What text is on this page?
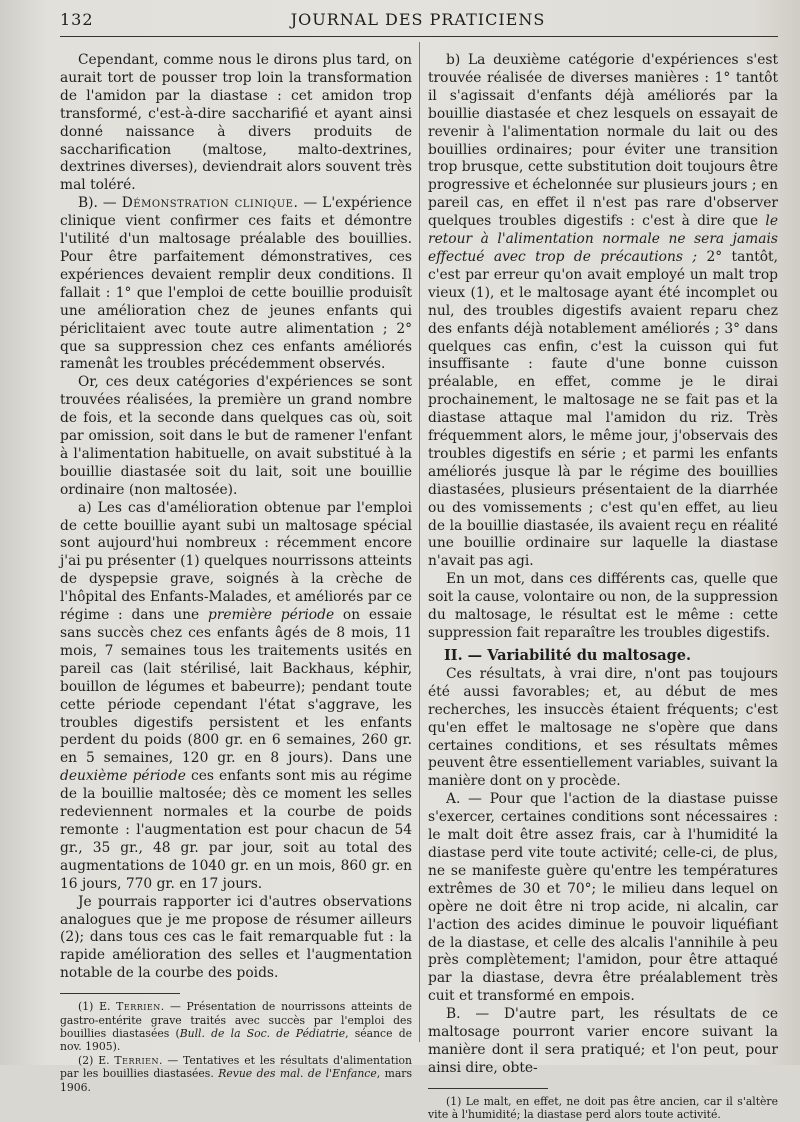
132	JOURNAL DES PRATICIENS

Cependant, comme nous le dirons plus tard, on aurait tort de pousser trop loin la transformation de l'amidon par la diastase : cet amidon trop transformé, c'est-à-dire saccharifié et ayant ainsi donné naissance à divers produits de saccharification (maltose, malto-dextrines, dextrines diverses), deviendrait alors souvent très mal toléré.

B). — Démonstration clinique. — L'expérience clinique vient confirmer ces faits et démontre l'utilité d'un maltosage préalable des bouillies. Pour être parfaitement démonstratives, ces expériences devaient remplir deux conditions. Il fallait : 1° que l'emploi de cette bouillie produisît une amélioration chez de jeunes enfants qui périclitaient avec toute autre alimentation ; 2° que sa suppression chez ces enfants améliorés ramenât les troubles précédemment observés.

Or, ces deux catégories d'expériences se sont trouvées réalisées, la première un grand nombre de fois, et la seconde dans quelques cas où, soit par omission, soit dans le but de ramener l'enfant à l'alimentation habituelle, on avait substitué à la bouillie diastasée soit du lait, soit une bouillie ordinaire (non maltosée).

a) Les cas d'amélioration obtenue par l'emploi de cette bouillie ayant subi un maltosage spécial sont aujourd'hui nombreux : récemment encore j'ai pu présenter (1) quelques nourrissons atteints de dyspepsie grave, soignés à la crèche de l'hôpital des Enfants-Malades, et améliorés par ce régime : dans une première période on essaie sans succès chez ces enfants âgés de 8 mois, 11 mois, 7 semaines tous les traitements usités en pareil cas (lait stérilisé, lait Backhaus, képhir, bouillon de légumes et babeurre); pendant toute cette période cependant l'état s'aggrave, les troubles digestifs persistent et les enfants perdent du poids (800 gr. en 6 semaines, 260 gr. en 5 semaines, 120 gr. en 8 jours). Dans une deuxième période ces enfants sont mis au régime de la bouillie maltosée; dès ce moment les selles redeviennent normales et la courbe de poids remonte : l'augmentation est pour chacun de 54 gr., 35 gr., 48 gr. par jour, soit au total des augmentations de 1040 gr. en un mois, 860 gr. en 16 jours, 770 gr. en 17 jours.

Je pourrais rapporter ici d'autres observations analogues que je me propose de résumer ailleurs (2); dans tous ces cas le fait remarquable fut : la rapide amélioration des selles et l'augmentation notable de la courbe des poids.

(1) E. Terrien. — Présentation de nourrissons atteints de gastro-entérite grave traités avec succès par l'emploi des bouillies diastasées (Bull. de la Soc. de Pédiatrie, séance de nov. 1905).

(2) E. Terrien. — Tentatives et les résultats d'alimentation par les bouillies diastasées. Revue des mal. de l'Enfance, mars 1906.

b) La deuxième catégorie d'expériences s'est trouvée réalisée de diverses manières : 1° tantôt il s'agissait d'enfants déjà améliorés par la bouillie diastasée et chez lesquels on essayait de revenir à l'alimentation normale du lait ou des bouillies ordinaires; pour éviter une transition trop brusque, cette substitution doit toujours être progressive et échelonnée sur plusieurs jours ; en pareil cas, en effet il n'est pas rare d'observer quelques troubles digestifs : c'est à dire que le retour à l'alimentation normale ne sera jamais effectué avec trop de précautions ; 2° tantôt, c'est par erreur qu'on avait employé un malt trop vieux (1), et le maltosage ayant été incomplet ou nul, des troubles digestifs avaient reparu chez des enfants déjà notablement améliorés ; 3° dans quelques cas enfin, c'est la cuisson qui fut insuffisante : faute d'une bonne cuisson préalable, en effet, comme je le dirai prochainement, le maltosage ne se fait pas et la diastase attaque mal l'amidon du riz. Très fréquemment alors, le même jour, j'observais des troubles digestifs en série ; et parmi les enfants améliorés jusque là par le régime des bouillies diastasées, plusieurs présentaient de la diarrhée ou des vomissements ; c'est qu'en effet, au lieu de la bouillie diastasée, ils avaient reçu en réalité une bouillie ordinaire sur laquelle la diastase n'avait pas agi.

En un mot, dans ces différents cas, quelle que soit la cause, volontaire ou non, de la suppression du maltosage, le résultat est le même : cette suppression fait reparaître les troubles digestifs.

II. — Variabilité du maltosage.

Ces résultats, à vrai dire, n'ont pas toujours été aussi favorables; et, au début de mes recherches, les insuccès étaient fréquents; c'est qu'en effet le maltosage ne s'opère que dans certaines conditions, et ses résultats mêmes peuvent être essentiellement variables, suivant la manière dont on y procède.

A. — Pour que l'action de la diastase puisse s'exercer, certaines conditions sont nécessaires : le malt doit être assez frais, car à l'humidité la diastase perd vite toute activité; celle-ci, de plus, ne se manifeste guère qu'entre les températures extrêmes de 30 et 70°; le milieu dans lequel on opère ne doit être ni trop acide, ni alcalin, car l'action des acides diminue le pouvoir liquéfiant de la diastase, et celle des alcalis l'annihile à peu près complètement; l'amidon, pour être attaqué par la diastase, devra être préalablement très cuit et transformé en empois.

B. — D'autre part, les résultats de ce maltosage pourront varier encore suivant la manière dont il sera pratiqué; et l'on peut, pour ainsi dire, obte-

(1) Le malt, en effet, ne doit pas être ancien, car il s'altère vite à l'humidité; la diastase perd alors toute activité.
